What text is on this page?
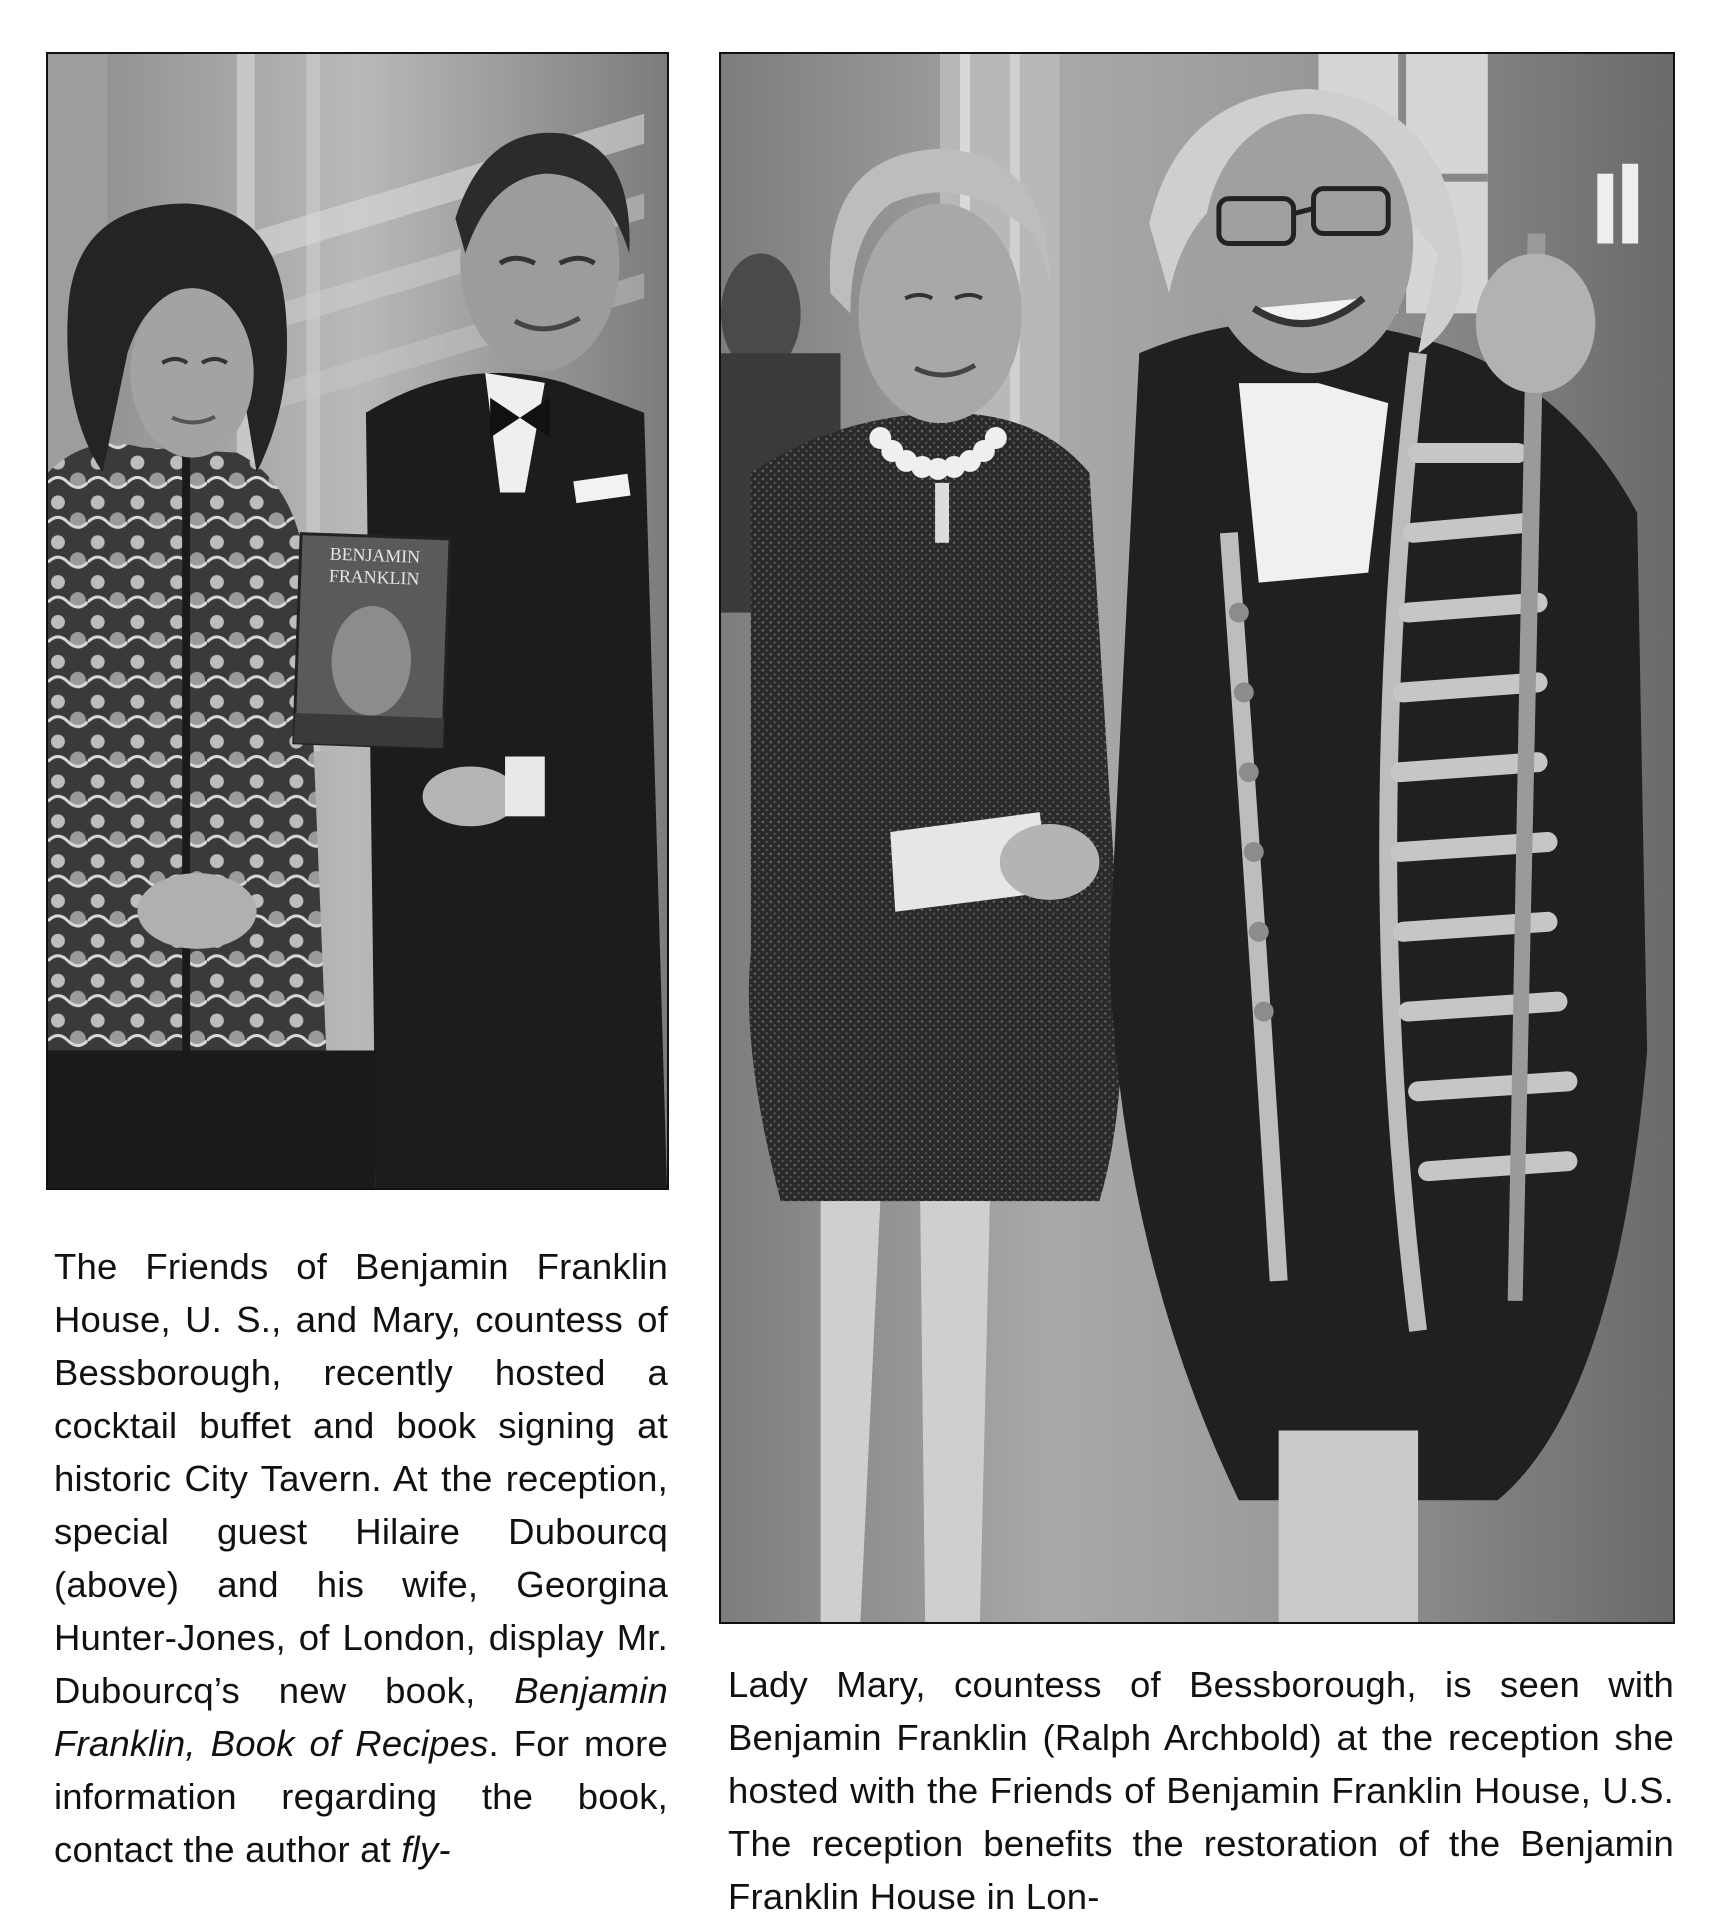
BENJAMIN
FRANKLIN
The Friends of Benjamin Franklin House, U. S., and Mary, countess of Bessborough, recently hosted a cocktail buffet and book signing at historic City Tavern. At the reception, special guest Hilaire Dubourcq (above) and his wife, Georgina Hunter-Jones, of London, display Mr. Dubourcq’s new book, Benjamin Franklin, Book of Recipes. For more information regarding the book, contact the author at fly-
Lady Mary, countess of Bessborough, is seen with Benjamin Franklin (Ralph Archbold) at the reception she hosted with the Friends of Benjamin Franklin House, U.S. The reception benefits the restoration of the Benjamin Franklin House in Lon-
